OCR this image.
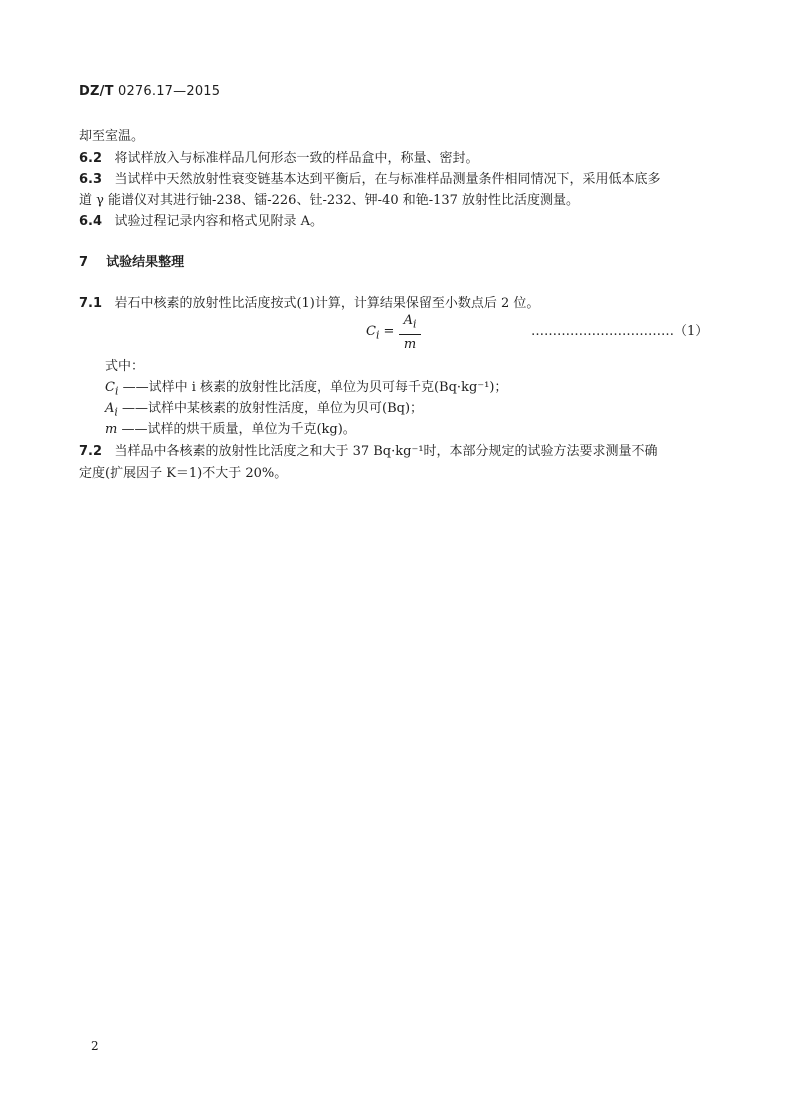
DZ/T 0276.17—2015
却至室温。
6.2 将试样放入与标准样品几何形态一致的样品盒中，称量、密封。
6.3 当试样中天然放射性衰变链基本达到平衡后，在与标准样品测量条件相同情况下，采用低本底多
道 γ 能谱仪对其进行铀-238、镭-226、钍-232、钾-40 和铯-137 放射性比活度测量。
6.4 试验过程记录内容和格式见附录 A。
7 试验结果整理
7.1 岩石中核素的放射性比活度按式(1)计算，计算结果保留至小数点后 2 位。
$C_i$ =
$A_i$
m
……………………………（1）
式中：
$C_i$ ——试样中 i 核素的放射性比活度，单位为贝可每千克(Bq·kg⁻¹)；
$A_i$ ——试样中某核素的放射性活度，单位为贝可(Bq)；
m ——试样的烘干质量，单位为千克(kg)。
7.2 当样品中各核素的放射性比活度之和大于 37 Bq·kg⁻¹时，本部分规定的试验方法要求测量不确
定度(扩展因子 K＝1)不大于 20%。
2
